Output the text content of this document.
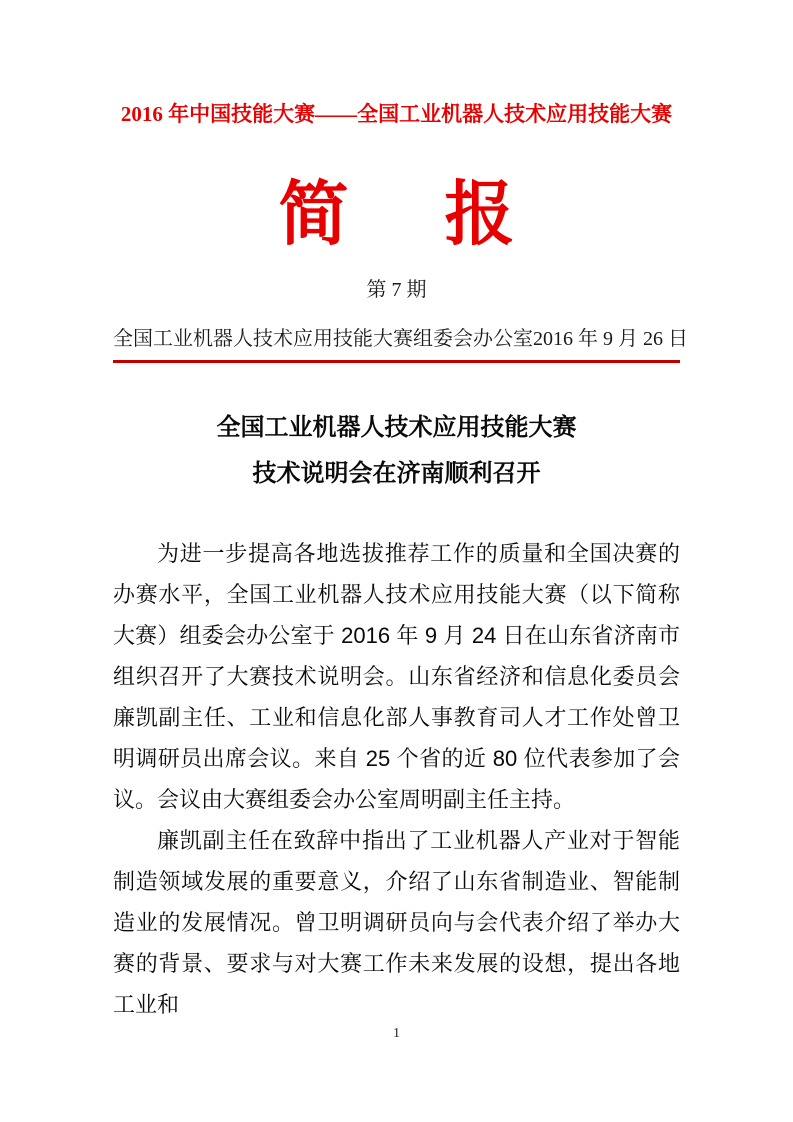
2016 年中国技能大赛——全国工业机器人技术应用技能大赛
简 报
第 7 期
全国工业机器人技术应用技能大赛组委会办公室 2016 年 9 月 26 日
全国工业机器人技术应用技能大赛
技术说明会在济南顺利召开

为进一步提高各地选拔推荐工作的质量和全国决赛的办赛水平，全国工业机器人技术应用技能大赛（以下简称大赛）组委会办公室于 2016 年 9 月 24 日在山东省济南市组织召开了大赛技术说明会。山东省经济和信息化委员会廉凯副主任、工业和信息化部人事教育司人才工作处曾卫明调研员出席会议。来自 25 个省的近 80 位代表参加了会议。会议由大赛组委会办公室周明副主任主持。

廉凯副主任在致辞中指出了工业机器人产业对于智能制造领域发展的重要意义，介绍了山东省制造业、智能制造业的发展情况。曾卫明调研员向与会代表介绍了举办大赛的背景、要求与对大赛工作未来发展的设想，提出各地工业和

1
